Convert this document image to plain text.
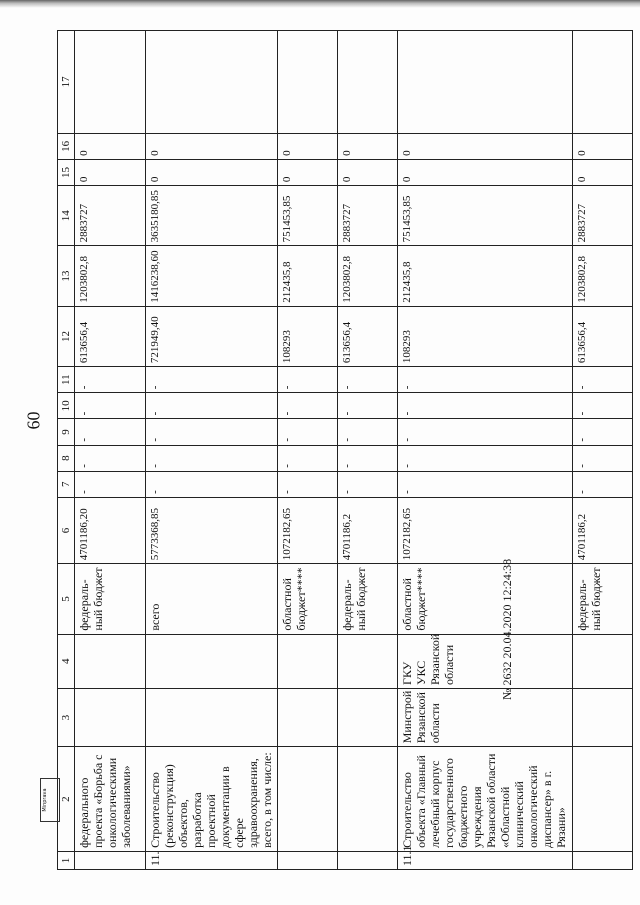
60
1	2	3	4	5	6	7	8	9	10	11	12	13	14	15	16	17
	федерального проекта «Борьба с онкологическими заболеваниями»			федераль-ный бюджет	4701186,20	-	-	-	-	-	613656,4	1203802,8	2883727	0	0	
11.	Строительство (реконструкция) объектов, разработка проектной документации в сфере здравоохранения, всего, в том числе:			всего	5773368,85	-	-	-	-	-	721949,40	1416238,60	3635180,85	0	0	
				областной бюджет****	1072182,65	-	-	-	-	-	108293	212435,8	751453,85	0	0	
				федераль-ный бюджет	4701186,2	-	-	-	-	-	613656,4	1203802,8	2883727	0	0	
11.1	Строительство объекта «Главный лечебный корпус государственного бюджетного учреждения Рязанской области «Областной клинический онкологический диспансер» в г. Рязани»	Минстрой Рязанской области	ГКУ УКС Рязанской области	областной бюджет****	1072182,65	-	-	-	-	-	108293	212435,8	751453,85	0	0	
				федераль-ный бюджет	4701186,2	-	-	-	-	-	613656,4	1203802,8	2883727	0	0	
Minprava
№ 2632 20.04.2020 12:24:38
